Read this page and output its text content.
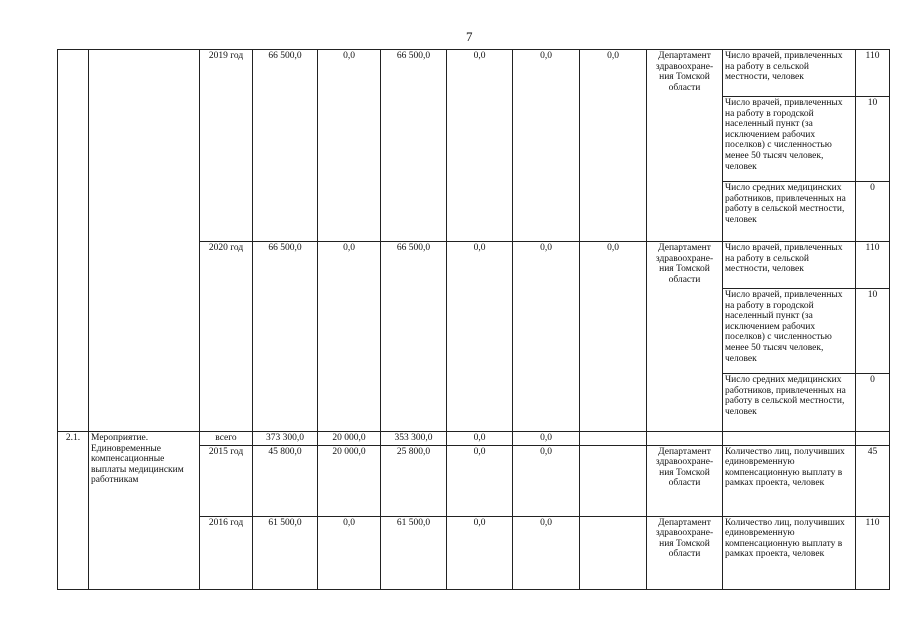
7
		2019 год	66 500,0	0,0	66 500,0	0,0	0,0	0,0	Департамент здравоохране-ния Томской области	Число врачей, привлеченных на работу в сельской местности, человек	110
										Число врачей, привлеченных на работу в городской населенный пункт (за исключением рабочих поселков) с численностью менее 50 тысяч человек, человек	10
										Число средних медицинских работников, привлеченных на работу в сельской местности, человек	0
		2020 год	66 500,0	0,0	66 500,0	0,0	0,0	0,0	Департамент здравоохране-ния Томской области	Число врачей, привлеченных на работу в сельской местности, человек	110
										Число врачей, привлеченных на работу в городской населенный пункт (за исключением рабочих поселков) с численностью менее 50 тысяч человек, человек	10
										Число средних медицинских работников, привлеченных на работу в сельской местности, человек	0
2.1.	Мероприятие. Единовременные компенсационные выплаты медицинским работникам	всего	373 300,0	20 000,0	353 300,0	0,0	0,0				
		2015 год	45 800,0	20 000,0	25 800,0	0,0	0,0		Департамент здравоохране-ния Томской области	Количество лиц, получивших единовременную компенсационную выплату в рамках проекта, человек	45
		2016 год	61 500,0	0,0	61 500,0	0,0	0,0		Департамент здравоохране-ния Томской области	Количество лиц, получивших единовременную компенсационную выплату в рамках проекта, человек	110
